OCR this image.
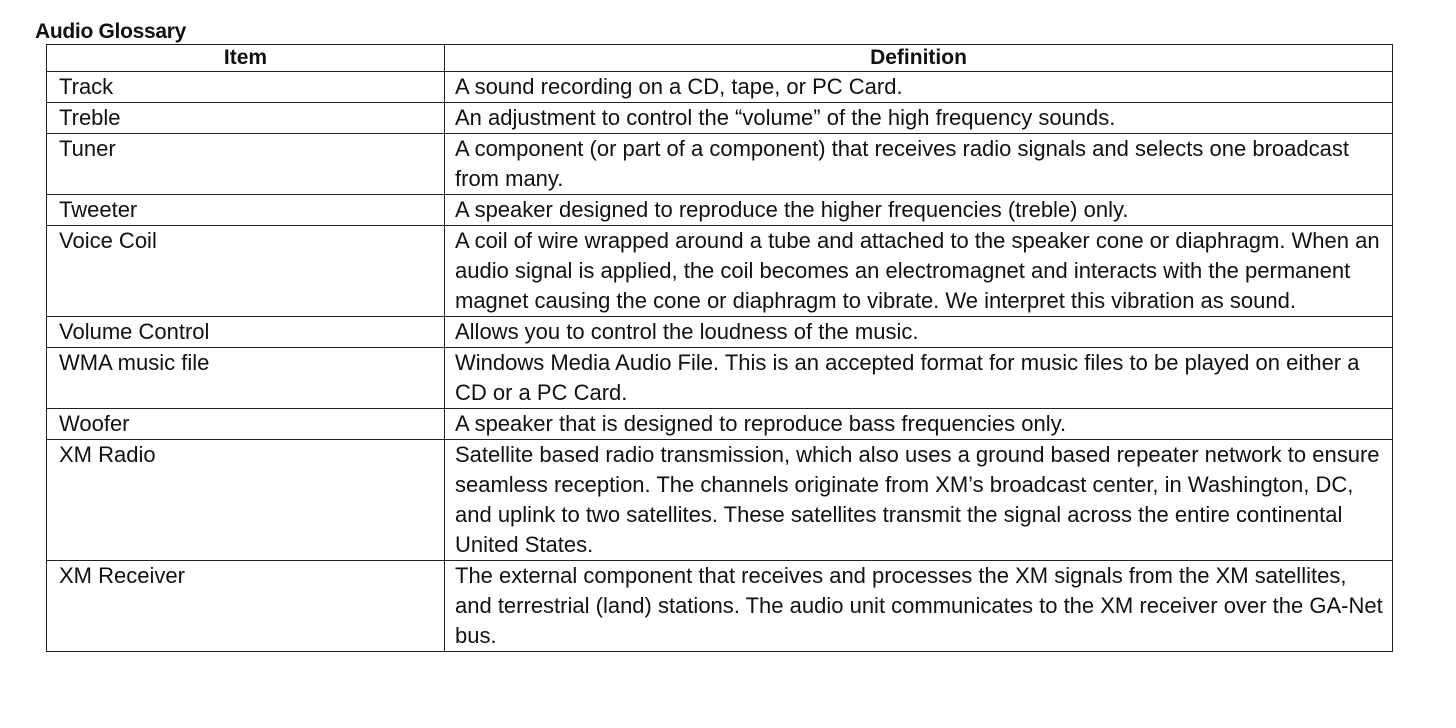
Audio Glossary
Item	Definition
Track	A sound recording on a CD, tape, or PC Card.
Treble	An adjustment to control the “volume” of the high frequency sounds.
Tuner	A component (or part of a component) that receives radio signals and selects one broadcast from many.
Tweeter	A speaker designed to reproduce the higher frequencies (treble) only.
Voice Coil	A coil of wire wrapped around a tube and attached to the speaker cone or diaphragm. When an audio signal is applied, the coil becomes an electromagnet and interacts with the permanent magnet causing the cone or diaphragm to vibrate. We interpret this vibration as sound.
Volume Control	Allows you to control the loudness of the music.
WMA music file	Windows Media Audio File. This is an accepted format for music files to be played on either a CD or a PC Card.
Woofer	A speaker that is designed to reproduce bass frequencies only.
XM Radio	Satellite based radio transmission, which also uses a ground based repeater network to ensure seamless reception. The channels originate from XM’s broadcast center, in Washington, DC, and uplink to two satellites. These satellites transmit the signal across the entire continental United States.
XM Receiver	The external component that receives and processes the XM signals from the XM satellites, and terrestrial (land) stations. The audio unit communicates to the XM receiver over the GA-Net bus.
